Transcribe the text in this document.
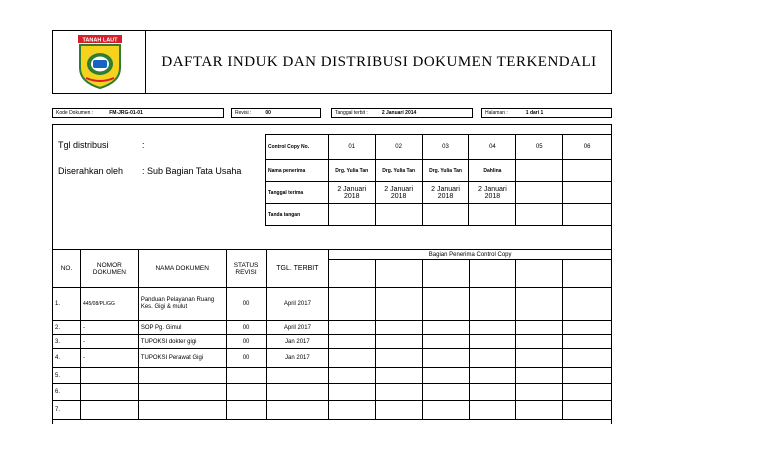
TANAH LAUT
DAFTAR INDUK DAN DISTRIBUSI DOKUMEN TERKENDALI
Kode Dokumen :	FM-JRG-01-01	Revisi :	00	Tanggal terbit :	2 Januari 2014	Halaman :	1 dari 1
Tgl distribusi	:
Diserahkan oleh : Sub Bagian Tata Usaha
Control Copy No.	01	02	03	04	05	06
Nama penerima	Drg. Yulia Tan	Drg. Yulia Tan	Drg. Yulia Tan	Dahlina		
Tanggal terima	2 Januari 2018	2 Januari 2018	2 Januari 2018	2 Januari 2018		
Tanda tangan						
NO.	NOMOR DOKUMEN	NAMA DOKUMEN	STATUS REVISI	TGL. TERBIT	Bagian Penerima Control Copy					

1.	445/08/PL/GG	Panduan Pelayanan Ruang Kes. Gigi & mulut	00	April 2017						
2.	-	SOP Pg. Gimul	00	April 2017						
3.	-	TUPOKSI dokter gigi	00	Jan 2017						
4.	-	TUPOKSI Perawat Gigi	00	Jan 2017						
5.										
6.										
7.										
